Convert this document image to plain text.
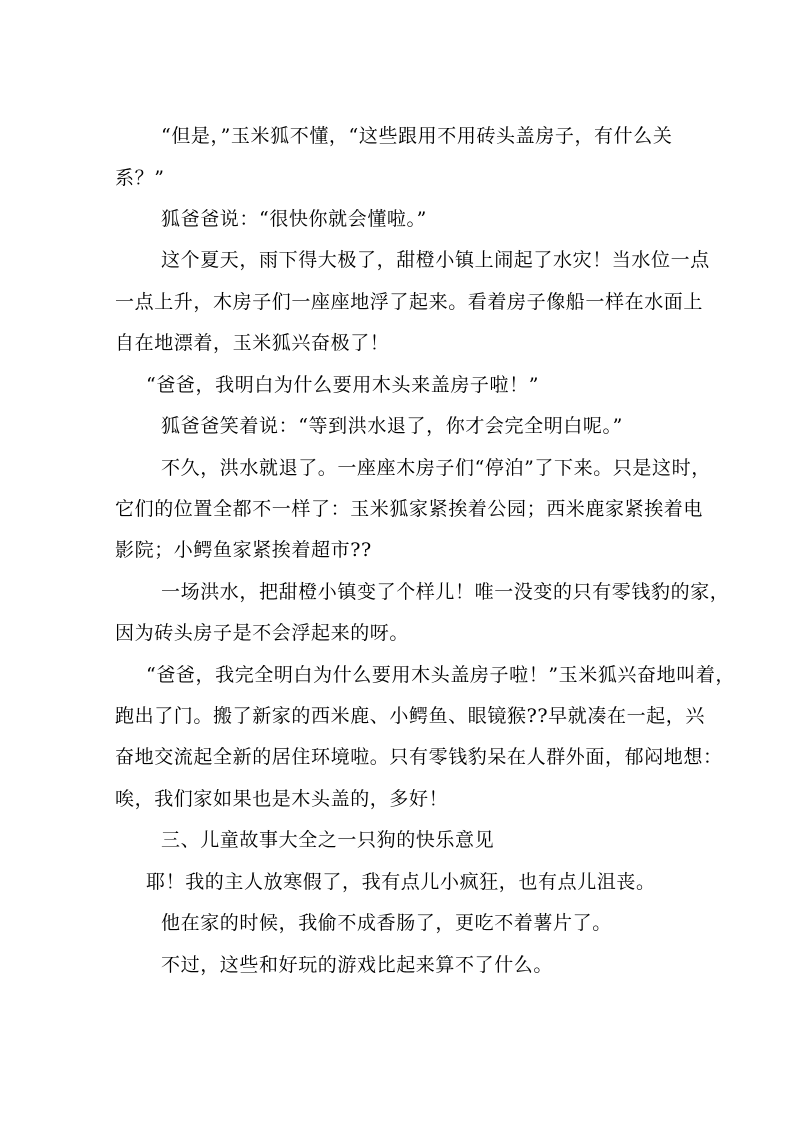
“但是，”玉米狐不懂，“这些跟用不用砖头盖房子，有什么关
系？”
狐爸爸说：“很快你就会懂啦。”
这个夏天，雨下得大极了，甜橙小镇上闹起了水灾！当水位一点
一点上升，木房子们一座座地浮了起来。看着房子像船一样在水面上
自在地漂着，玉米狐兴奋极了！
“爸爸，我明白为什么要用木头来盖房子啦！”
狐爸爸笑着说：“等到洪水退了，你才会完全明白呢。”
不久，洪水就退了。一座座木房子们“停泊”了下来。只是这时，
它们的位置全都不一样了：玉米狐家紧挨着公园；西米鹿家紧挨着电
影院；小鳄鱼家紧挨着超市??
一场洪水，把甜橙小镇变了个样儿！唯一没变的只有零钱豹的家，
因为砖头房子是不会浮起来的呀。
“爸爸，我完全明白为什么要用木头盖房子啦！”玉米狐兴奋地叫着，
跑出了门。搬了新家的西米鹿、小鳄鱼、眼镜猴??早就凑在一起，兴
奋地交流起全新的居住环境啦。只有零钱豹呆在人群外面，郁闷地想：
唉，我们家如果也是木头盖的，多好！
三、儿童故事大全之一只狗的快乐意见
耶！我的主人放寒假了，我有点儿小疯狂，也有点儿沮丧。
他在家的时候，我偷不成香肠了，更吃不着薯片了。
不过，这些和好玩的游戏比起来算不了什么。
